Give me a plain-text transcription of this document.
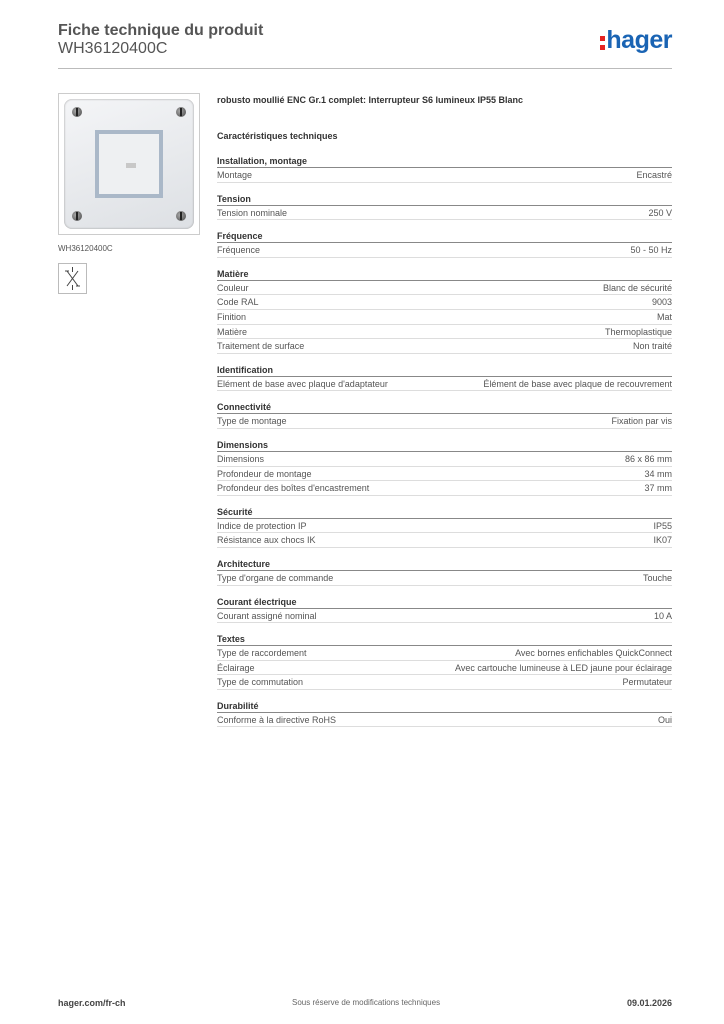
Fiche technique du produit
WH36120400C	hager
WH36120400C
robusto moullié ENC Gr.1 complet: Interrupteur S6 lumineux IP55 Blanc
Caractéristiques techniques
Installation, montage
Montage	Encastré
Tension
Tension nominale	250 V
Fréquence
Fréquence	50 - 50 Hz
Matière
Couleur	Blanc de sécurité
Code RAL	9003
Finition	Mat
Matière	Thermoplastique
Traitement de surface	Non traité
Identification
Elément de base avec plaque d'adaptateur	Élément de base avec plaque de recouvrement
Connectivité
Type de montage	Fixation par vis
Dimensions
Dimensions	86 x 86 mm
Profondeur de montage	34 mm
Profondeur des boîtes d'encastrement	37 mm
Sécurité
Indice de protection IP	IP55
Résistance aux chocs IK	IK07
Architecture
Type d'organe de commande	Touche
Courant électrique
Courant assigné nominal	10 A
Textes
Type de raccordement	Avec bornes enfichables QuickConnect
Éclairage	Avec cartouche lumineuse à LED jaune pour éclairage
Type de commutation	Permutateur
Durabilité
Conforme à la directive RoHS	Oui
hager.com/fr-ch	Sous réserve de modifications techniques	09.01.2026
